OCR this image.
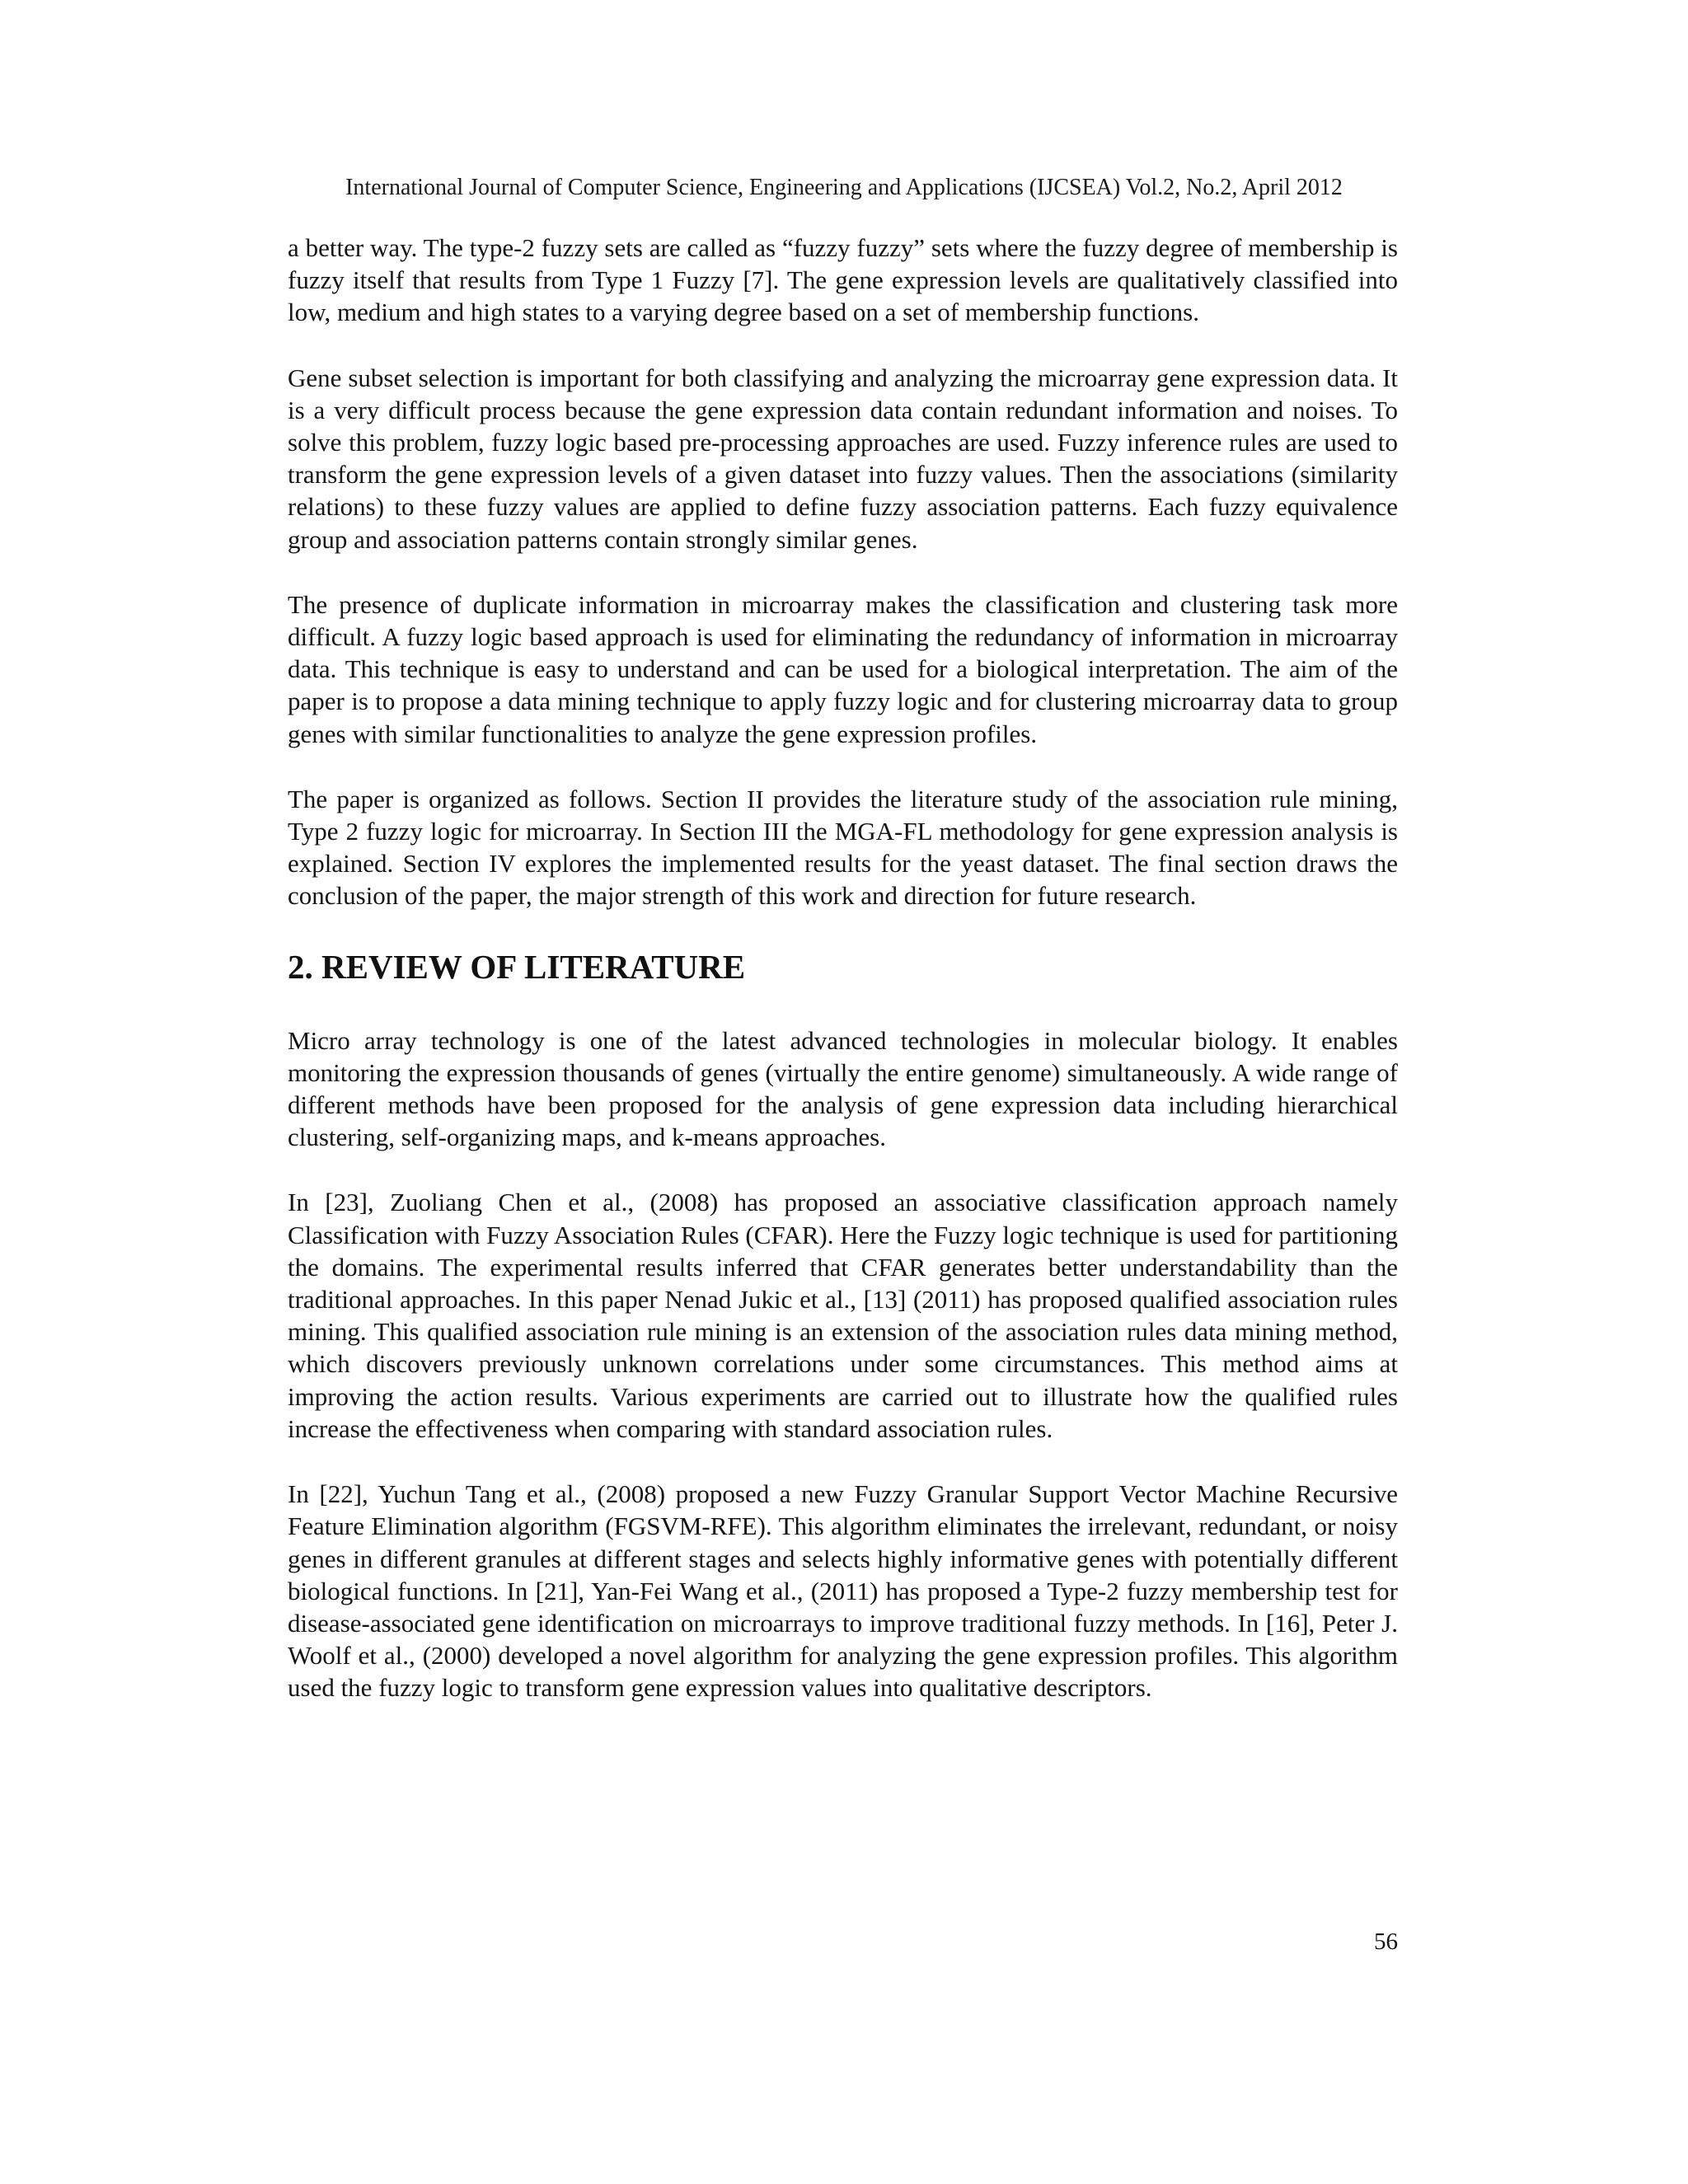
International Journal of Computer Science, Engineering and Applications (IJCSEA) Vol.2, No.2, April 2012

a better way. The type-2 fuzzy sets are called as “fuzzy fuzzy” sets where the fuzzy degree of membership is fuzzy itself that results from Type 1 Fuzzy [7]. The gene expression levels are qualitatively classified into low, medium and high states to a varying degree based on a set of membership functions.

Gene subset selection is important for both classifying and analyzing the microarray gene expression data. It is a very difficult process because the gene expression data contain redundant information and noises. To solve this problem, fuzzy logic based pre-processing approaches are used. Fuzzy inference rules are used to transform the gene expression levels of a given dataset into fuzzy values. Then the associations (similarity relations) to these fuzzy values are applied to define fuzzy association patterns. Each fuzzy equivalence group and association patterns contain strongly similar genes.

The presence of duplicate information in microarray makes the classification and clustering task more difficult. A fuzzy logic based approach is used for eliminating the redundancy of information in microarray data. This technique is easy to understand and can be used for a biological interpretation. The aim of the paper is to propose a data mining technique to apply fuzzy logic and for clustering microarray data to group genes with similar functionalities to analyze the gene expression profiles.

The paper is organized as follows. Section II provides the literature study of the association rule mining, Type 2 fuzzy logic for microarray. In Section III the MGA-FL methodology for gene expression analysis is explained. Section IV explores the implemented results for the yeast dataset. The final section draws the conclusion of the paper, the major strength of this work and direction for future research.

2. REVIEW OF LITERATURE

Micro array technology is one of the latest advanced technologies in molecular biology. It enables monitoring the expression thousands of genes (virtually the entire genome) simultaneously. A wide range of different methods have been proposed for the analysis of gene expression data including hierarchical clustering, self-organizing maps, and k-means approaches.

In [23], Zuoliang Chen et al., (2008) has proposed an associative classification approach namely Classification with Fuzzy Association Rules (CFAR). Here the Fuzzy logic technique is used for partitioning the domains. The experimental results inferred that CFAR generates better understandability than the traditional approaches. In this paper Nenad Jukic et al., [13] (2011) has proposed qualified association rules mining. This qualified association rule mining is an extension of the association rules data mining method, which discovers previously unknown correlations under some circumstances. This method aims at improving the action results. Various experiments are carried out to illustrate how the qualified rules increase the effectiveness when comparing with standard association rules.

In [22], Yuchun Tang et al., (2008) proposed a new Fuzzy Granular Support Vector Machine Recursive Feature Elimination algorithm (FGSVM-RFE). This algorithm eliminates the irrelevant, redundant, or noisy genes in different granules at different stages and selects highly informative genes with potentially different biological functions. In [21], Yan-Fei Wang et al., (2011) has proposed a Type-2 fuzzy membership test for disease-associated gene identification on microarrays to improve traditional fuzzy methods. In [16], Peter J. Woolf et al., (2000) developed a novel algorithm for analyzing the gene expression profiles. This algorithm used the fuzzy logic to transform gene expression values into qualitative descriptors.

56
